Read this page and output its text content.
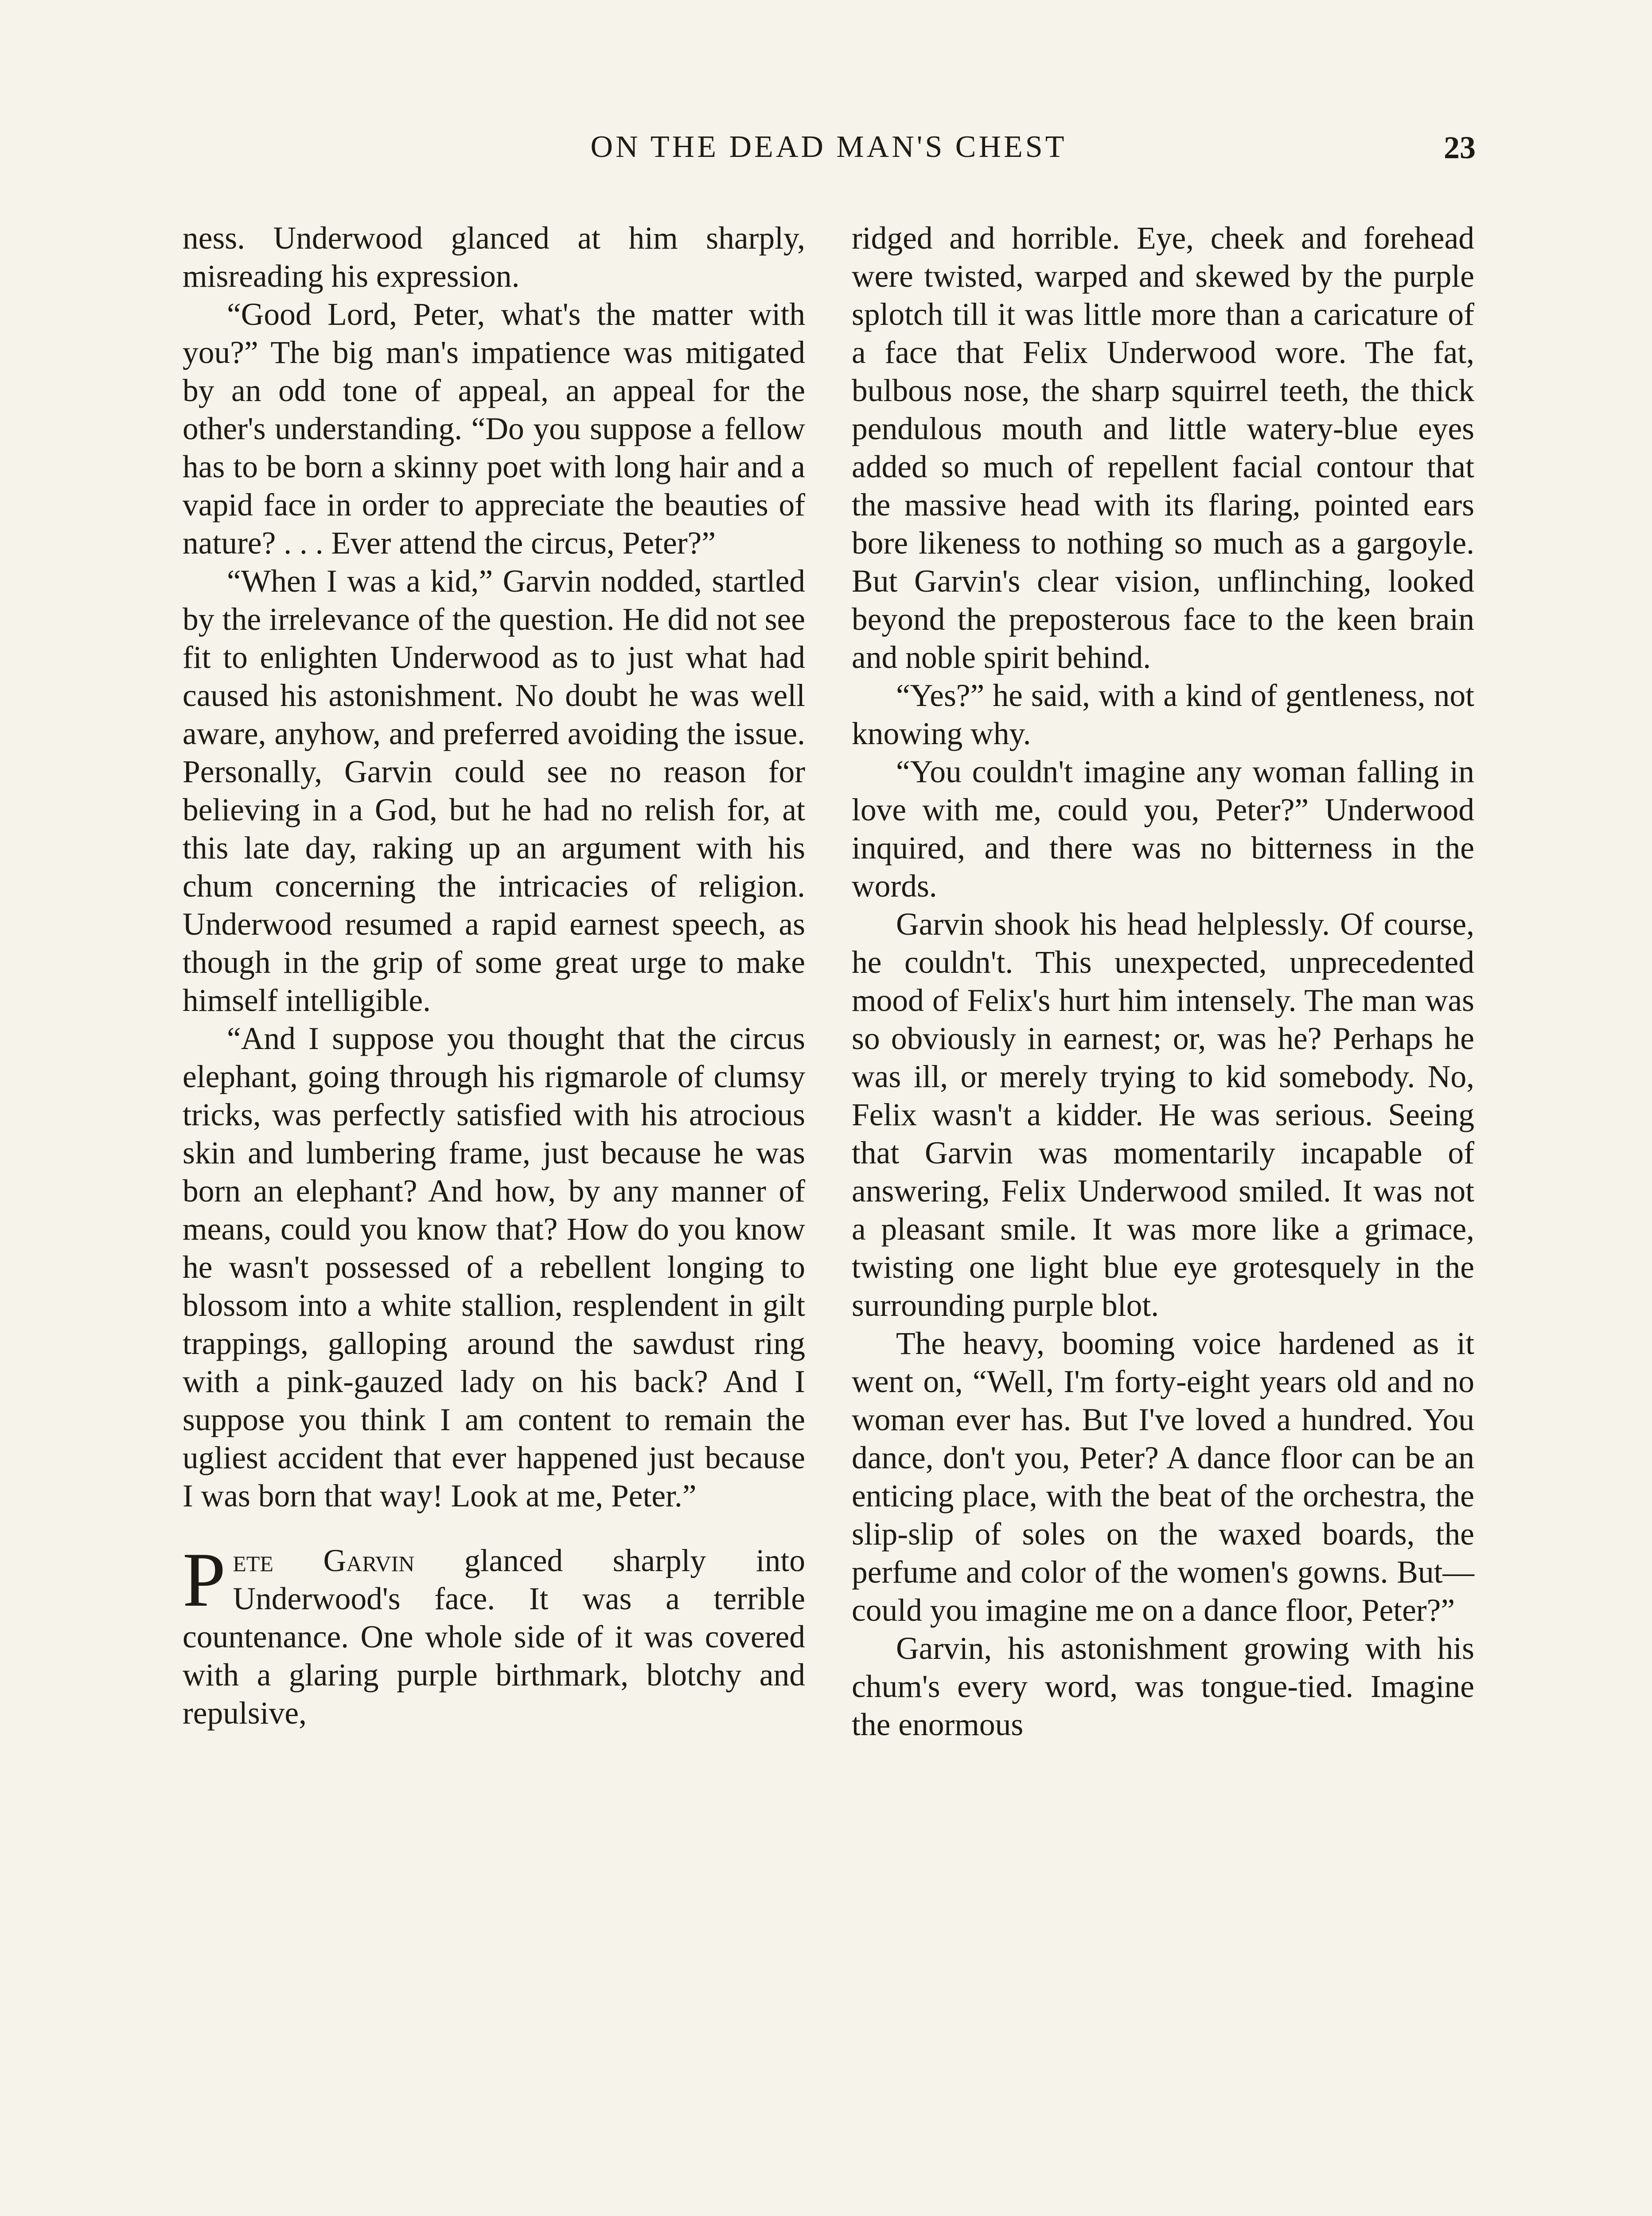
ON THE DEAD MAN'S CHEST	23

ness. Underwood glanced at him sharply, misreading his expression.

“Good Lord, Peter, what's the matter with you?” The big man's impatience was mitigated by an odd tone of appeal, an appeal for the other's understanding. “Do you suppose a fellow has to be born a skinny poet with long hair and a vapid face in order to appreciate the beauties of nature? . . . Ever attend the circus, Peter?”

“When I was a kid,” Garvin nodded, startled by the irrelevance of the question. He did not see fit to enlighten Underwood as to just what had caused his astonishment. No doubt he was well aware, anyhow, and preferred avoiding the issue. Personally, Garvin could see no reason for believing in a God, but he had no relish for, at this late day, raking up an argument with his chum concerning the intricacies of religion. Underwood resumed a rapid earnest speech, as though in the grip of some great urge to make himself intelligible.

“And I suppose you thought that the circus elephant, going through his rigmarole of clumsy tricks, was perfectly satisfied with his atrocious skin and lumbering frame, just because he was born an elephant? And how, by any manner of means, could you know that? How do you know he wasn't possessed of a rebellent longing to blossom into a white stallion, resplendent in gilt trappings, galloping around the sawdust ring with a pink-gauzed lady on his back? And I suppose you think I am content to remain the ugliest accident that ever happened just because I was born that way! Look at me, Peter.”

Pete Garvin glanced sharply into Underwood's face. It was a terrible countenance. One whole side of it was covered with a glaring purple birthmark, blotchy and repulsive,

ridged and horrible. Eye, cheek and forehead were twisted, warped and skewed by the purple splotch till it was little more than a caricature of a face that Felix Underwood wore. The fat, bulbous nose, the sharp squirrel teeth, the thick pendulous mouth and little watery-blue eyes added so much of repellent facial contour that the massive head with its flaring, pointed ears bore likeness to nothing so much as a gargoyle. But Garvin's clear vision, unflinching, looked beyond the preposterous face to the keen brain and noble spirit behind.

“Yes?” he said, with a kind of gentleness, not knowing why.

“You couldn't imagine any woman falling in love with me, could you, Peter?” Underwood inquired, and there was no bitterness in the words.

Garvin shook his head helplessly. Of course, he couldn't. This unexpected, unprecedented mood of Felix's hurt him intensely. The man was so obviously in earnest; or, was he? Perhaps he was ill, or merely trying to kid somebody. No, Felix wasn't a kidder. He was serious. Seeing that Garvin was momentarily incapable of answering, Felix Underwood smiled. It was not a pleasant smile. It was more like a grimace, twisting one light blue eye grotesquely in the surrounding purple blot.

The heavy, booming voice hardened as it went on, “Well, I'm forty-eight years old and no woman ever has. But I've loved a hundred. You dance, don't you, Peter? A dance floor can be an enticing place, with the beat of the orchestra, the slip-slip of soles on the waxed boards, the perfume and color of the women's gowns. But—could you imagine me on a dance floor, Peter?”

Garvin, his astonishment growing with his chum's every word, was tongue-tied. Imagine the enormous
